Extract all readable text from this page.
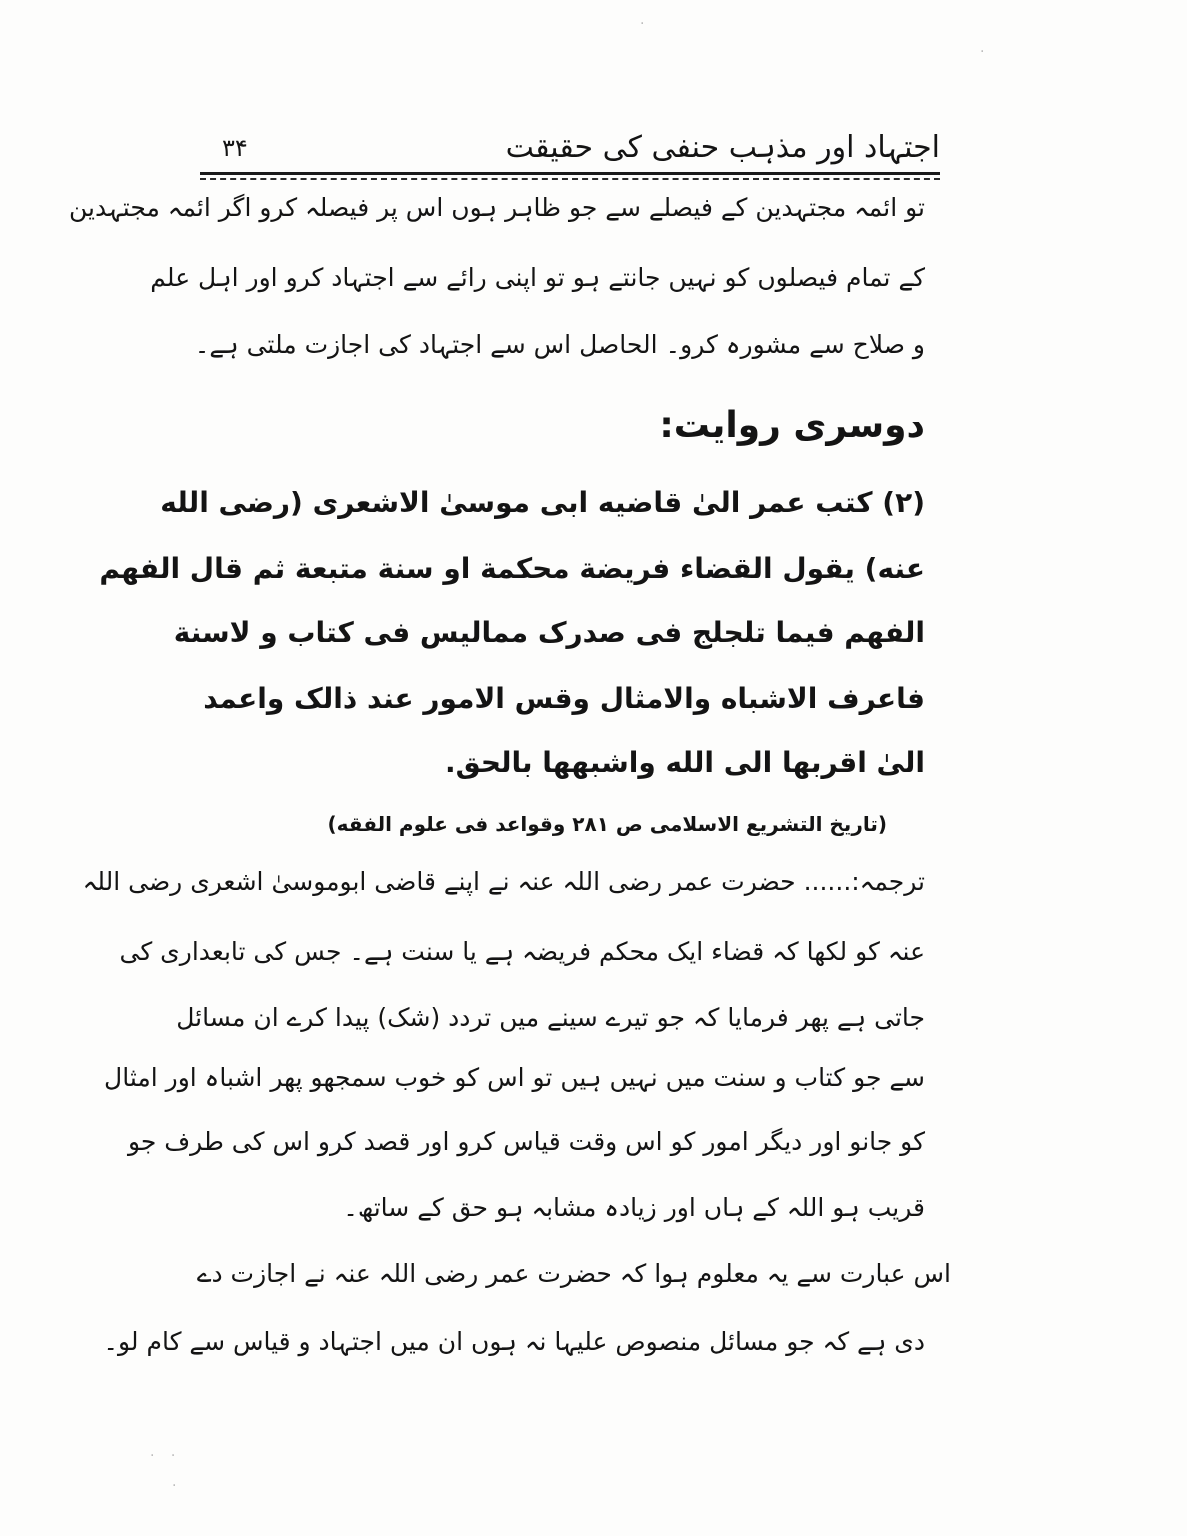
·
·
· ·
·
اجتہاد اور مذہب حنفی کی حقیقت
۳۴
تو ائمہ مجتہدین کے فیصلے سے جو ظاہر ہوں اس پر فیصلہ کرو اگر ائمہ مجتہدین
کے تمام فیصلوں کو نہیں جانتے ہو تو اپنی رائے سے اجتہاد کرو اور اہل علم
و صلاح سے مشورہ کرو۔ الحاصل اس سے اجتہاد کی اجازت ملتی ہے۔
دوسری روایت:
(۲) کتب عمر الیٰ قاضیه ابی موسیٰ الاشعری (رضی الله
عنه) یقول القضاء فریضة محکمة او سنة متبعة ثم قال الفهم
الفهم فیما تلجلج فی صدرک ممالیس فی کتاب و لاسنة
فاعرف الاشباه والامثال وقس الامور عند ذالک واعمد
الیٰ اقربها الی الله واشبهها بالحق.
(تاریخ التشریع الاسلامی ص ۲۸۱ وقواعد فی علوم الفقه)
ترجمہ:...... حضرت عمر رضی اللہ عنہ نے اپنے قاضی ابوموسیٰ اشعری رضی اللہ
عنہ کو لکھا کہ قضاء ایک محکم فریضہ ہے یا سنت ہے۔ جس کی تابعداری کی
جاتی ہے پھر فرمایا کہ جو تیرے سینے میں تردد (شک) پیدا کرے ان مسائل
سے جو کتاب و سنت میں نہیں ہیں تو اس کو خوب سمجھو پھر اشباہ اور امثال
کو جانو اور دیگر امور کو اس وقت قیاس کرو اور قصد کرو اس کی طرف جو
قریب ہو اللہ کے ہاں اور زیادہ مشابہ ہو حق کے ساتھ۔
اس عبارت سے یہ معلوم ہوا کہ حضرت عمر رضی اللہ عنہ نے اجازت دے
دی ہے کہ جو مسائل منصوص علیہا نہ ہوں ان میں اجتہاد و قیاس سے کام لو۔
